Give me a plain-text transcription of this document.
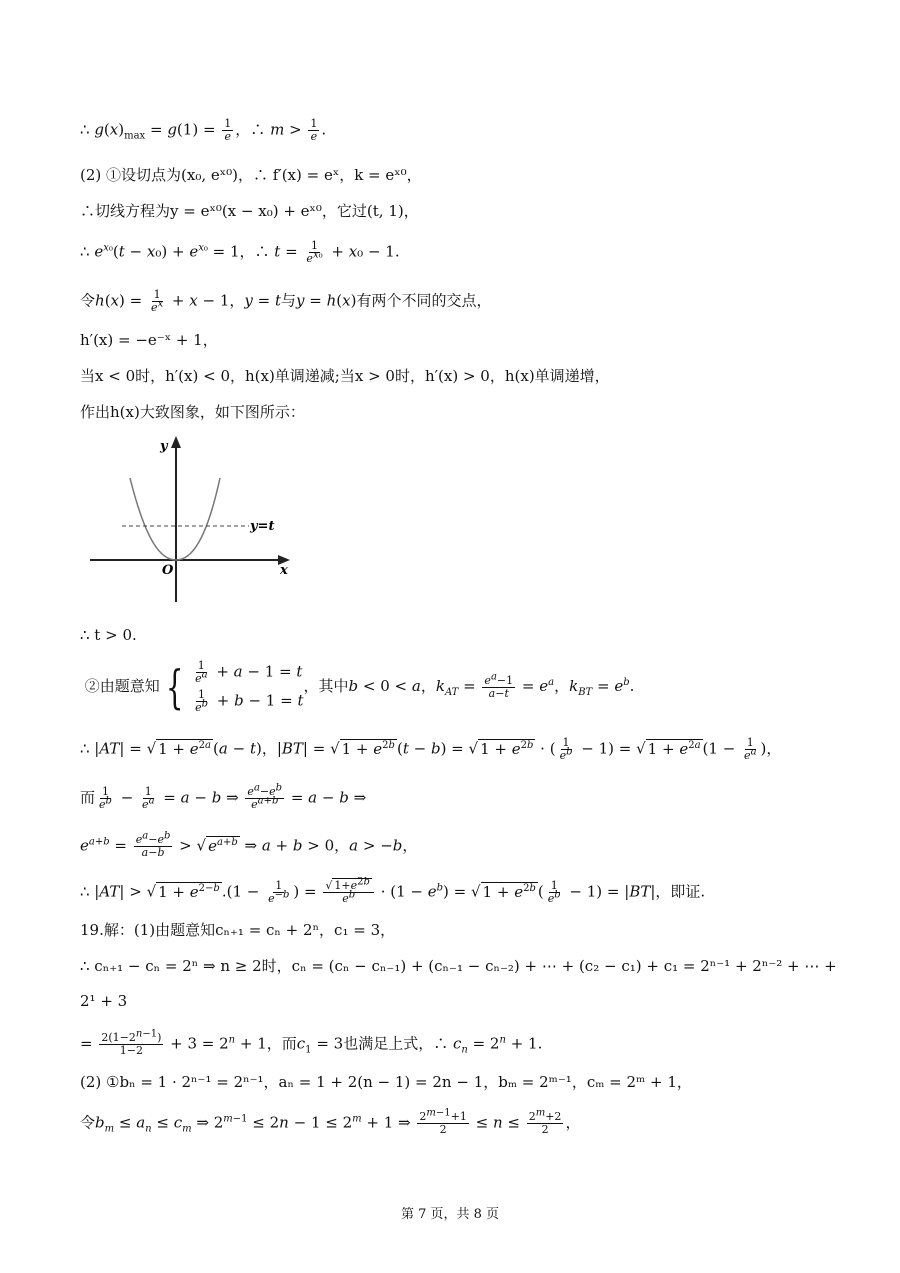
∴ $g(x)_{max} = g(1) = \frac{1}{e}$ ，∴ $m > \frac{1}{e}$ .
(2) ①设切点为(x₀, eˣ⁰)，∴ f′(x) = eˣ，k = eˣ⁰，
∴切线方程为y = eˣ⁰(x − x₀) + eˣ⁰，它过(t, 1)，
∴ $e^{x_0}(t - x_0) + e^{x_0} = 1$，∴ $t = \frac{1}{e^{x_0}} + x_0 - 1$.
令$h(x) = \frac{1}{e^x} + x - 1$，y = t与y = h(x)有两个不同的交点，
h′(x) = −e⁻ˣ + 1，
当x < 0时，h′(x) < 0，h(x)单调递减;当x > 0时，h′(x) > 0，h(x)单调递增，
作出h(x)大致图象，如下图所示：
y
x
O
y=t
∴ t > 0.
②由题意知 { $\frac{1}{e^a} + a - 1 = t$
$\frac{1}{e^b} + b - 1 = t$
，其中b < 0 < a，$k_{AT} = \frac{e^a-1}{a-t} = e^a$，$k_{BT} = e^b$.
∴ |AT| = √ $1 + e^{2a}$ (a − t)，|BT| = √ $1 + e^{2b}$ (t − b) = √ $1 + e^{2b}$ · ( $\frac{1}{e^b} - 1$) = √ $1 + e^{2a}$ ($1 - \frac{1}{e^a}$ )，
而 $\frac{1}{e^b} - \frac{1}{e^a} = a - b$ ⇒ $\frac{e^a-e^b}{e^{a+b}} = a - b$ ⇒
$e^{a+b} = \frac{e^a-e^b}{a-b}$ > √ $e^{a+b}$ ⇒ a + b > 0，a > −b，
∴ |AT| > √ $1 + e^{2-b}$ $.(1 - \frac{1}{e^{-b}}$ ) = $\frac{√ 1+e^{2b}}{e^b} \cdot (1 - e^b)$ = √ $1 + e^{2b}$ ( $\frac{1}{e^b} - 1) = |BT|$，即证.
19.解：(1)由题意知cₙ₊₁ = cₙ + 2ⁿ，c₁ = 3，
∴ cₙ₊₁ − cₙ = 2ⁿ ⇒ n ≥ 2时，cₙ = (cₙ − cₙ₋₁) + (cₙ₋₁ − cₙ₋₂) + ⋯ + (c₂ − c₁) + c₁ = 2ⁿ⁻¹ + 2ⁿ⁻² + ⋯ +
2¹ + 3
= $\frac{2(1-2^{n-1})}{1-2} + 3 = 2^n + 1$，而$c_1 = 3$也满足上式，∴ $c_n = 2^n + 1$.
(2) ①bₙ = 1 · 2ⁿ⁻¹ = 2ⁿ⁻¹，aₙ = 1 + 2(n − 1) = 2n − 1，bₘ = 2ᵐ⁻¹，cₘ = 2ᵐ + 1，
令$b_m \le a_n \le c_m$ ⇒ $2^{m-1} \le 2n - 1 \le 2^m + 1$ ⇒ $\frac{2^{m-1}+1}{2} \le n \le \frac{2^m+2}{2}$ ，
第 7 页，共 8 页
